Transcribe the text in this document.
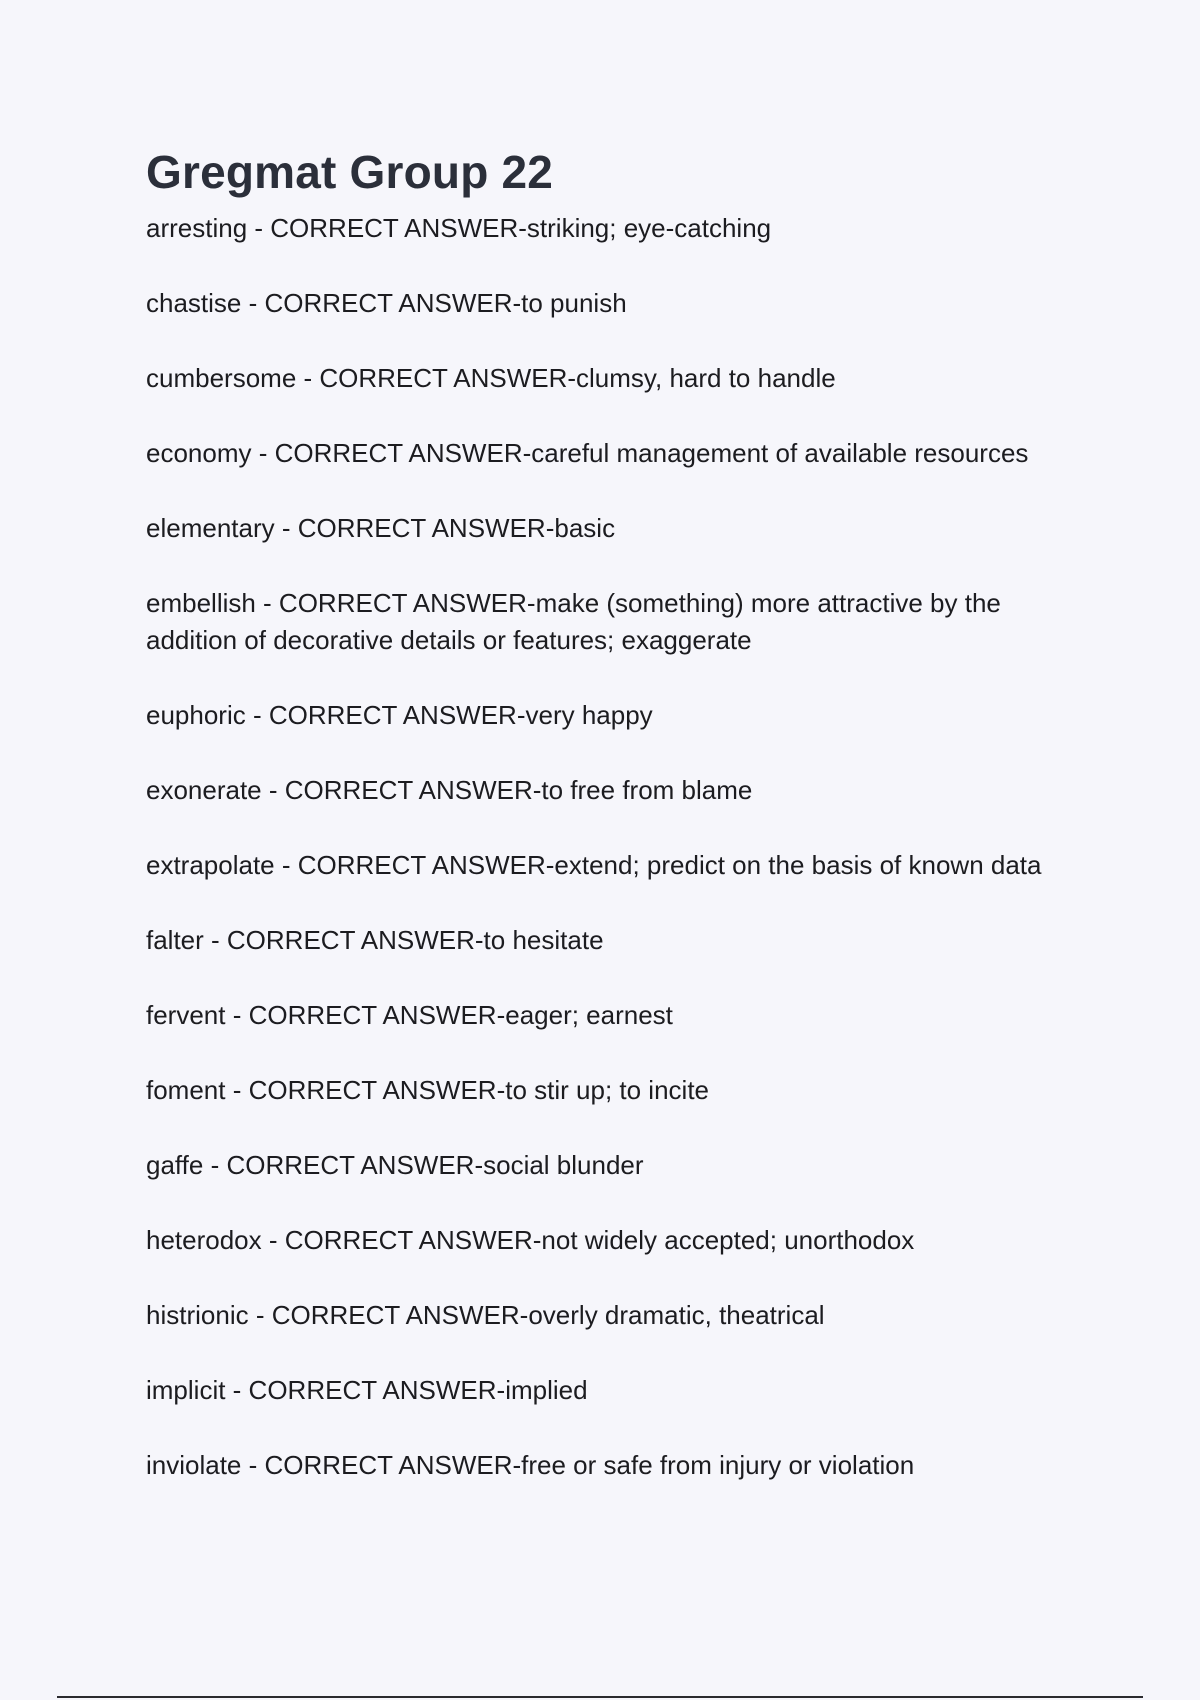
Gregmat Group 22
arresting - CORRECT ANSWER-striking; eye-catching
chastise - CORRECT ANSWER-to punish
cumbersome - CORRECT ANSWER-clumsy, hard to handle
economy - CORRECT ANSWER-careful management of available resources
elementary - CORRECT ANSWER-basic
embellish - CORRECT ANSWER-make (something) more attractive by the addition of decorative details or features; exaggerate
euphoric - CORRECT ANSWER-very happy
exonerate - CORRECT ANSWER-to free from blame
extrapolate - CORRECT ANSWER-extend; predict on the basis of known data
falter - CORRECT ANSWER-to hesitate
fervent - CORRECT ANSWER-eager; earnest
foment - CORRECT ANSWER-to stir up; to incite
gaffe - CORRECT ANSWER-social blunder
heterodox - CORRECT ANSWER-not widely accepted; unorthodox
histrionic - CORRECT ANSWER-overly dramatic, theatrical
implicit - CORRECT ANSWER-implied
inviolate - CORRECT ANSWER-free or safe from injury or violation
